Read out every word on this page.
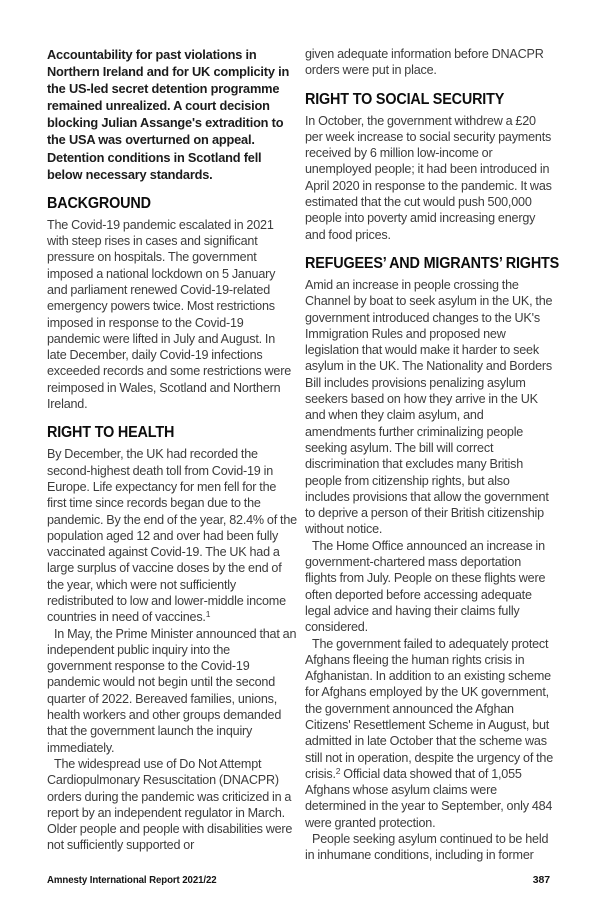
Accountability for past violations in Northern Ireland and for UK complicity in the US-led secret detention programme remained unrealized. A court decision blocking Julian Assange's extradition to the USA was overturned on appeal. Detention conditions in Scotland fell below necessary standards.

BACKGROUND

The Covid-19 pandemic escalated in 2021 with steep rises in cases and significant pressure on hospitals. The government imposed a national lockdown on 5 January and parliament renewed Covid-19-related emergency powers twice. Most restrictions imposed in response to the Covid-19 pandemic were lifted in July and August. In late December, daily Covid-19 infections exceeded records and some restrictions were reimposed in Wales, Scotland and Northern Ireland.

RIGHT TO HEALTH

By December, the UK had recorded the second-highest death toll from Covid-19 in Europe. Life expectancy for men fell for the first time since records began due to the pandemic. By the end of the year, 82.4% of the population aged 12 and over had been fully vaccinated against Covid-19. The UK had a large surplus of vaccine doses by the end of the year, which were not sufficiently redistributed to low and lower-middle income countries in need of vaccines.$^1$

In May, the Prime Minister announced that an independent public inquiry into the government response to the Covid-19 pandemic would not begin until the second quarter of 2022. Bereaved families, unions, health workers and other groups demanded that the government launch the inquiry immediately.

The widespread use of Do Not Attempt Cardiopulmonary Resuscitation (DNACPR) orders during the pandemic was criticized in a report by an independent regulator in March. Older people and people with disabilities were not sufficiently supported or

given adequate information before DNACPR orders were put in place.

RIGHT TO SOCIAL SECURITY

In October, the government withdrew a £20 per week increase to social security payments received by 6 million low-income or unemployed people; it had been introduced in April 2020 in response to the pandemic. It was estimated that the cut would push 500,000 people into poverty amid increasing energy and food prices.

REFUGEES’ AND MIGRANTS’ RIGHTS

Amid an increase in people crossing the Channel by boat to seek asylum in the UK, the government introduced changes to the UK's Immigration Rules and proposed new legislation that would make it harder to seek asylum in the UK. The Nationality and Borders Bill includes provisions penalizing asylum seekers based on how they arrive in the UK and when they claim asylum, and amendments further criminalizing people seeking asylum. The bill will correct discrimination that excludes many British people from citizenship rights, but also includes provisions that allow the government to deprive a person of their British citizenship without notice.

The Home Office announced an increase in government-chartered mass deportation flights from July. People on these flights were often deported before accessing adequate legal advice and having their claims fully considered.

The government failed to adequately protect Afghans fleeing the human rights crisis in Afghanistan. In addition to an existing scheme for Afghans employed by the UK government, the government announced the Afghan Citizens' Resettlement Scheme in August, but admitted in late October that the scheme was still not in operation, despite the urgency of the crisis.$^2$ Official data showed that of 1,055 Afghans whose asylum claims were determined in the year to September, only 484 were granted protection.

People seeking asylum continued to be held in inhumane conditions, including in former

Amnesty International Report 2021/22	387
